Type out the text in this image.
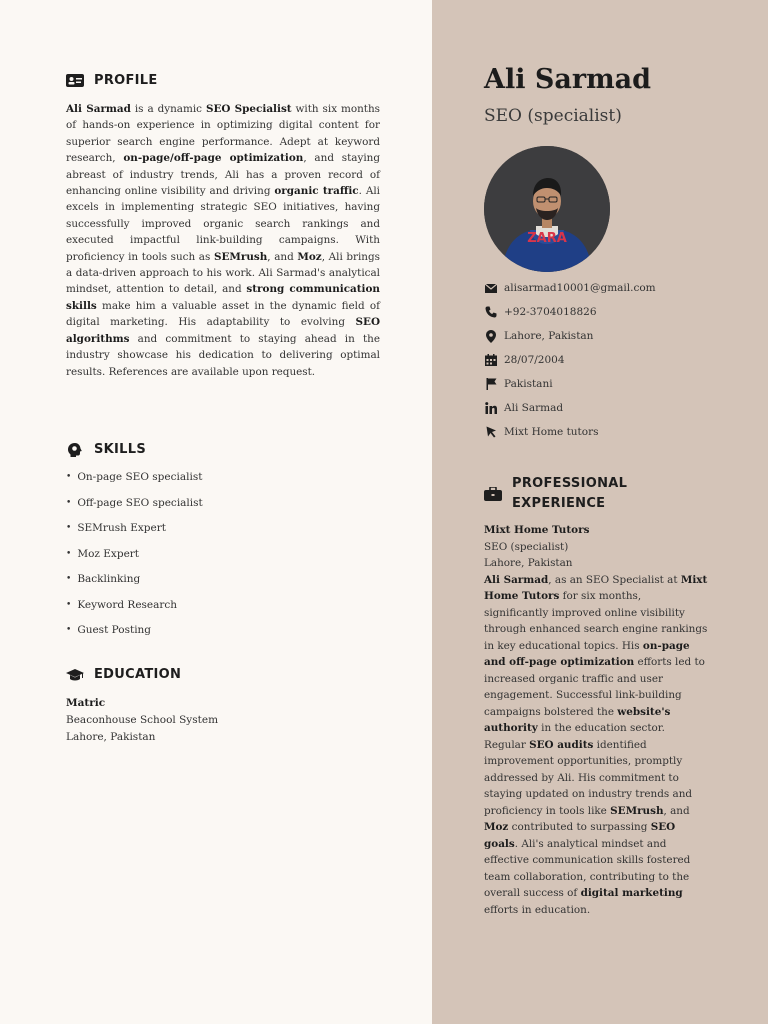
PROFILE

Ali Sarmad is a dynamic SEO Specialist with six months of hands-on experience in optimizing digital content for superior search engine performance. Adept at keyword research, on-page/off-page optimization, and staying abreast of industry trends, Ali has a proven record of enhancing online visibility and driving organic traffic. Ali excels in implementing strategic SEO initiatives, having successfully improved organic search rankings and executed impactful link-building campaigns. With proficiency in tools such as SEMrush, and Moz, Ali brings a data-driven approach to his work. Ali Sarmad's analytical mindset, attention to detail, and strong communication skills make him a valuable asset in the dynamic field of digital marketing. His adaptability to evolving SEO algorithms and commitment to staying ahead in the industry showcase his dedication to delivering optimal results. References are available upon request.

SKILLS
• On-page SEO specialist
• Off-page SEO specialist
• SEMrush Expert
• Moz Expert
• Backlinking
• Keyword Research
• Guest Posting
EDUCATION
Matric
Beaconhouse School System
Lahore, Pakistan
Ali Sarmad
SEO (specialist)
ZARA
alisarmad10001@gmail.com
+92-3704018826
Lahore, Pakistan
28/07/2004
Pakistani
Ali Sarmad
Mixt Home tutors
PROFESSIONAL EXPERIENCE
Mixt Home Tutors
SEO (specialist)
Lahore, Pakistan
Ali Sarmad, as an SEO Specialist at Mixt Home Tutors for six months, significantly improved online visibility through enhanced search engine rankings in key educational topics. His on-page and off-page optimization efforts led to increased organic traffic and user engagement. Successful link-building campaigns bolstered the website's authority in the education sector. Regular SEO audits identified improvement opportunities, promptly addressed by Ali. His commitment to staying updated on industry trends and proficiency in tools like SEMrush, and Moz contributed to surpassing SEO goals. Ali's analytical mindset and effective communication skills fostered team collaboration, contributing to the overall success of digital marketing efforts in education.
